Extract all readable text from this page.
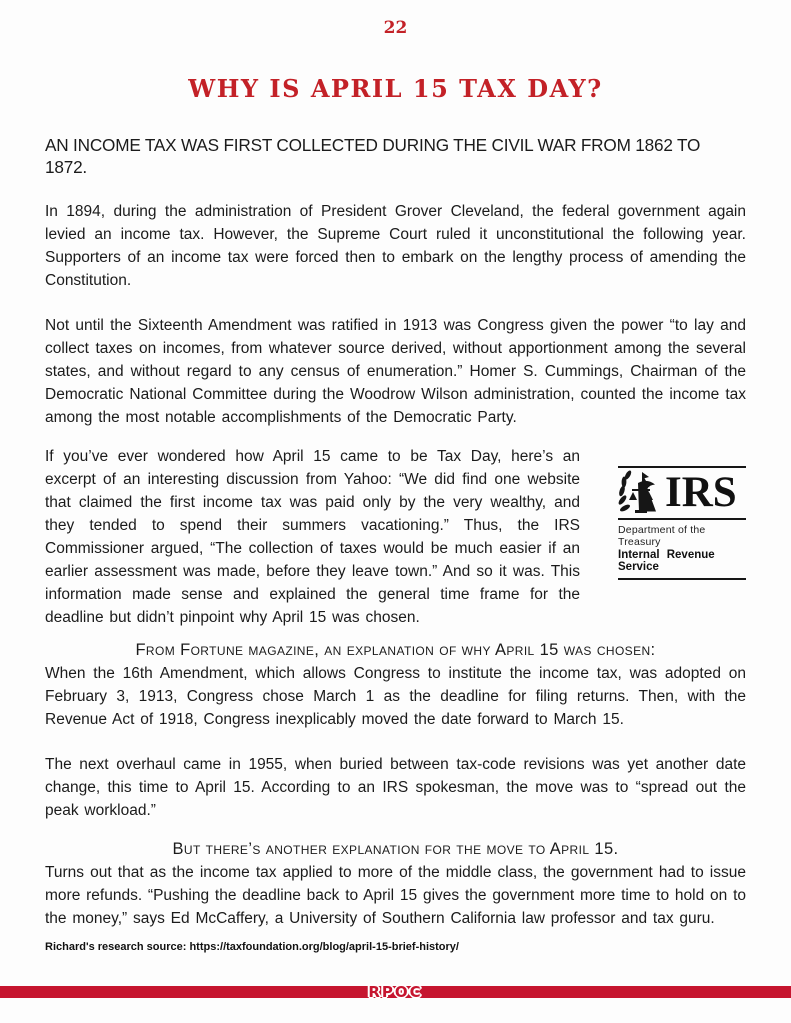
22
WHY IS APRIL 15 TAX DAY?
AN INCOME TAX WAS FIRST COLLECTED DURING THE CIVIL WAR FROM 1862 TO 1872.

In 1894, during the administration of President Grover Cleveland, the federal government again levied an income tax. However, the Supreme Court ruled it unconstitutional the following year. Supporters of an income tax were forced then to embark on the lengthy process of amending the Constitution.

Not until the Sixteenth Amendment was ratified in 1913 was Congress given the power “to lay and collect taxes on incomes, from whatever source derived, without apportionment among the several states, and without regard to any census of enumeration.” Homer S. Cummings, Chairman of the Democratic National Committee during the Woodrow Wilson administration, counted the income tax among the most notable accomplishments of the Democratic Party.

IRS
Department of the Treasury
Internal Revenue Service

If you’ve ever wondered how April 15 came to be Tax Day, here’s an excerpt of an interesting discussion from Yahoo: “We did find one website that claimed the first income tax was paid only by the very wealthy, and they tended to spend their summers vacationing.” Thus, the IRS Commissioner argued, “The collection of taxes would be much easier if an earlier assessment was made, before they leave town.” And so it was. This information made sense and explained the general time frame for the deadline but didn’t pinpoint why April 15 was chosen.

From Fortune magazine, an explanation of why April 15 was chosen:

When the 16th Amendment, which allows Congress to institute the income tax, was adopted on February 3, 1913, Congress chose March 1 as the deadline for filing returns. Then, with the Revenue Act of 1918, Congress inexplicably moved the date forward to March 15.

The next overhaul came in 1955, when buried between tax-code revisions was yet another date change, this time to April 15. According to an IRS spokesman, the move was to “spread out the peak workload.”

But there’s another explanation for the move to April 15.

Turns out that as the income tax applied to more of the middle class, the government had to issue more refunds. “Pushing the deadline back to April 15 gives the government more time to hold on to the money,” says Ed McCaffery, a University of Southern California law professor and tax guru.

Richard's research source: https://taxfoundation.org/blog/april-15-brief-history/
RPOC
